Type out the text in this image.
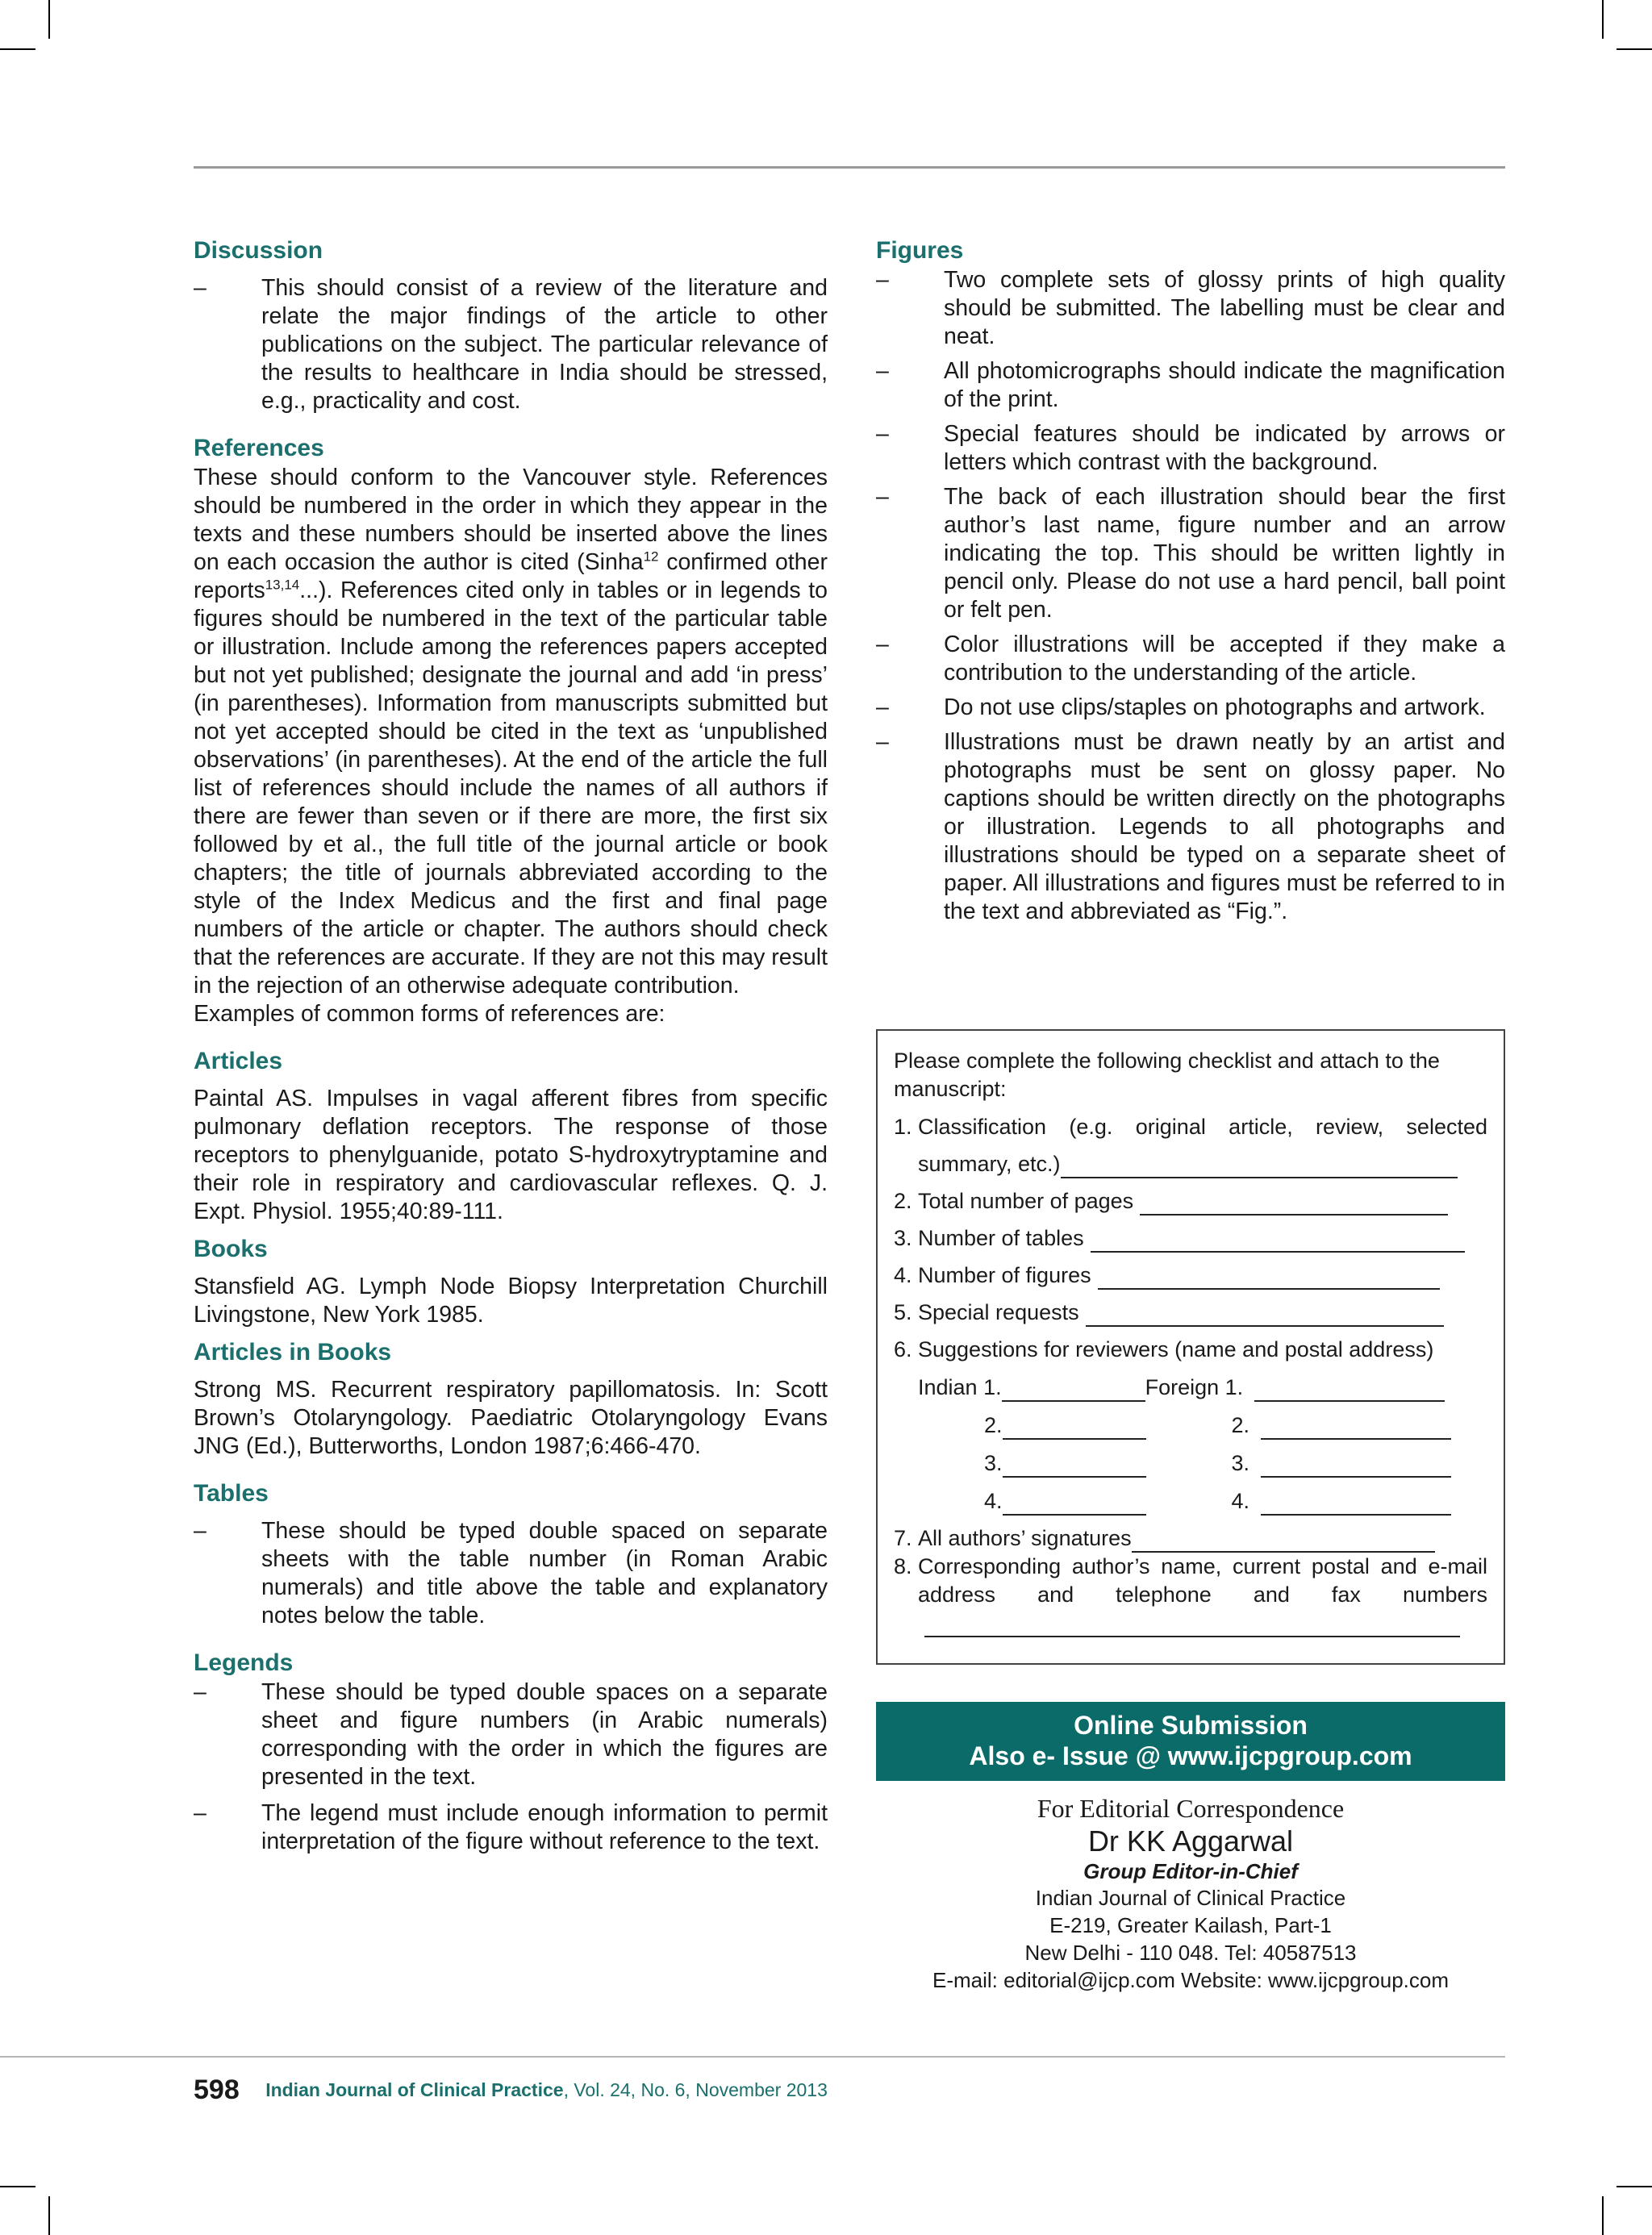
Discussion
– This should consist of a review of the literature and relate the major findings of the article to other publications on the subject. The particular relevance of the results to healthcare in India should be stressed, e.g., practicality and cost.
References

These should conform to the Vancouver style. References should be numbered in the order in which they appear in the texts and these numbers should be inserted above the lines on each occasion the author is cited (Sinha$^{12}$ confirmed other reports$^{13,14}$...). References cited only in tables or in legends to figures should be numbered in the text of the particular table or illustration. Include among the references papers accepted but not yet published; designate the journal and add ‘in press’ (in parentheses). Information from manuscripts submitted but not yet accepted should be cited in the text as ‘unpublished observations’ (in parentheses). At the end of the article the full list of references should include the names of all authors if there are fewer than seven or if there are more, the first six followed by et al., the full title of the journal article or book chapters; the title of journals abbreviated according to the style of the Index Medicus and the first and final page numbers of the article or chapter. The authors should check that the references are accurate. If they are not this may result in the rejection of an otherwise adequate contribution.

Examples of common forms of references are:

Articles

Paintal AS. Impulses in vagal afferent fibres from specific pulmonary deflation receptors. The response of those receptors to phenylguanide, potato S-hydroxytryptamine and their role in respiratory and cardiovascular reflexes. Q. J. Expt. Physiol. 1955;40:89-111.

Books

Stansfield AG. Lymph Node Biopsy Interpretation Churchill Livingstone, New York 1985.

Articles in Books

Strong MS. Recurrent respiratory papillomatosis. In: Scott Brown’s Otolaryngology. Paediatric Otolaryngology Evans JNG (Ed.), Butterworths, London 1987;6:466-470.

Tables
– These should be typed double spaced on separate sheets with the table number (in Roman Arabic numerals) and title above the table and explanatory notes below the table.
Legends
– These should be typed double spaces on a separate sheet and figure numbers (in Arabic numerals) corresponding with the order in which the figures are presented in the text.
– The legend must include enough information to permit interpretation of the figure without reference to the text.
Figures
– Two complete sets of glossy prints of high quality should be submitted. The labelling must be clear and neat.
– All photomicrographs should indicate the magnification of the print.
– Special features should be indicated by arrows or letters which contrast with the background.
– The back of each illustration should bear the first author’s last name, figure number and an arrow indicating the top. This should be written lightly in pencil only. Please do not use a hard pencil, ball point or felt pen.
– Color illustrations will be accepted if they make a contribution to the understanding of the article.
– Do not use clips/staples on photographs and artwork.
– Illustrations must be drawn neatly by an artist and photographs must be sent on glossy paper. No captions should be written directly on the photographs or illustration. Legends to all photographs and illustrations should be typed on a separate sheet of paper. All illustrations and figures must be referred to in the text and abbreviated as “Fig.”.
Please complete the following checklist and attach to the manuscript:
1. Classification (e.g. original article, review, selected
summary, etc.)
2. Total number of pages
3. Number of tables
4. Number of figures
5. Special requests
6. Suggestions for reviewers (name and postal address)
Indian 1.	Foreign 1.
2.	2.
3.	3.
4.	4.
7. All authors’ signatures
8. Corresponding author’s name, current postal and e-mail address and telephone and fax numbers
Online Submission
Also e- Issue @ www.ijcpgroup.com
For Editorial Correspondence
Dr KK Aggarwal
Group Editor-in-Chief
Indian Journal of Clinical Practice
E-219, Greater Kailash, Part-1
New Delhi - 110 048. Tel: 40587513
E-mail: editorial@ijcp.com Website: www.ijcpgroup.com
598 Indian Journal of Clinical Practice, Vol. 24, No. 6, November 2013
